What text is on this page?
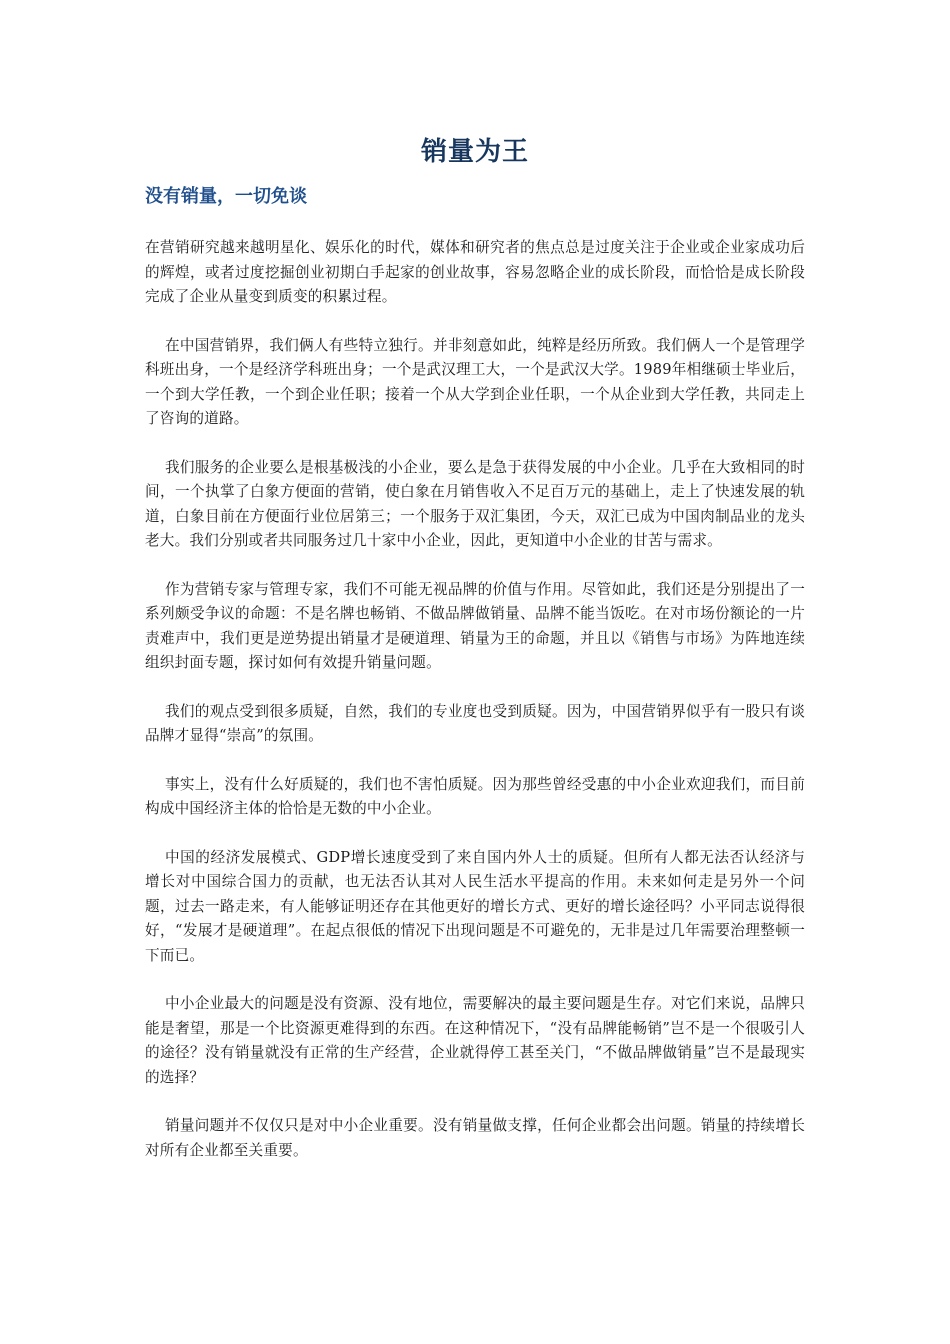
销量为王
没有销量，一切免谈

在营销研究越来越明星化、娱乐化的时代，媒体和研究者的焦点总是过度关注于企业或企业家成功后的辉煌，或者过度挖掘创业初期白手起家的创业故事，容易忽略企业的成长阶段，而恰恰是成长阶段完成了企业从量变到质变的积累过程。

在中国营销界，我们俩人有些特立独行。并非刻意如此，纯粹是经历所致。我们俩人一个是管理学科班出身，一个是经济学科班出身；一个是武汉理工大，一个是武汉大学。1989年相继硕士毕业后，一个到大学任教，一个到企业任职；接着一个从大学到企业任职，一个从企业到大学任教，共同走上了咨询的道路。

我们服务的企业要么是根基极浅的小企业，要么是急于获得发展的中小企业。几乎在大致相同的时间，一个执掌了白象方便面的营销，使白象在月销售收入不足百万元的基础上，走上了快速发展的轨道，白象目前在方便面行业位居第三；一个服务于双汇集团，今天，双汇已成为中国肉制品业的龙头老大。我们分别或者共同服务过几十家中小企业，因此，更知道中小企业的甘苦与需求。

作为营销专家与管理专家，我们不可能无视品牌的价值与作用。尽管如此，我们还是分别提出了一系列颇受争议的命题：不是名牌也畅销、不做品牌做销量、品牌不能当饭吃。在对市场份额论的一片责难声中，我们更是逆势提出销量才是硬道理、销量为王的命题，并且以《销售与市场》为阵地连续组织封面专题，探讨如何有效提升销量问题。

我们的观点受到很多质疑，自然，我们的专业度也受到质疑。因为，中国营销界似乎有一股只有谈品牌才显得“崇高”的氛围。

事实上，没有什么好质疑的，我们也不害怕质疑。因为那些曾经受惠的中小企业欢迎我们，而目前构成中国经济主体的恰恰是无数的中小企业。

中国的经济发展模式、GDP增长速度受到了来自国内外人士的质疑。但所有人都无法否认经济与增长对中国综合国力的贡献，也无法否认其对人民生活水平提高的作用。未来如何走是另外一个问题，过去一路走来，有人能够证明还存在其他更好的增长方式、更好的增长途径吗？小平同志说得很好，“发展才是硬道理”。在起点很低的情况下出现问题是不可避免的，无非是过几年需要治理整顿一下而已。

中小企业最大的问题是没有资源、没有地位，需要解决的最主要问题是生存。对它们来说，品牌只能是奢望，那是一个比资源更难得到的东西。在这种情况下，“没有品牌能畅销”岂不是一个很吸引人的途径？没有销量就没有正常的生产经营，企业就得停工甚至关门，“不做品牌做销量”岂不是最现实的选择？

销量问题并不仅仅只是对中小企业重要。没有销量做支撑，任何企业都会出问题。销量的持续增长对所有企业都至关重要。
